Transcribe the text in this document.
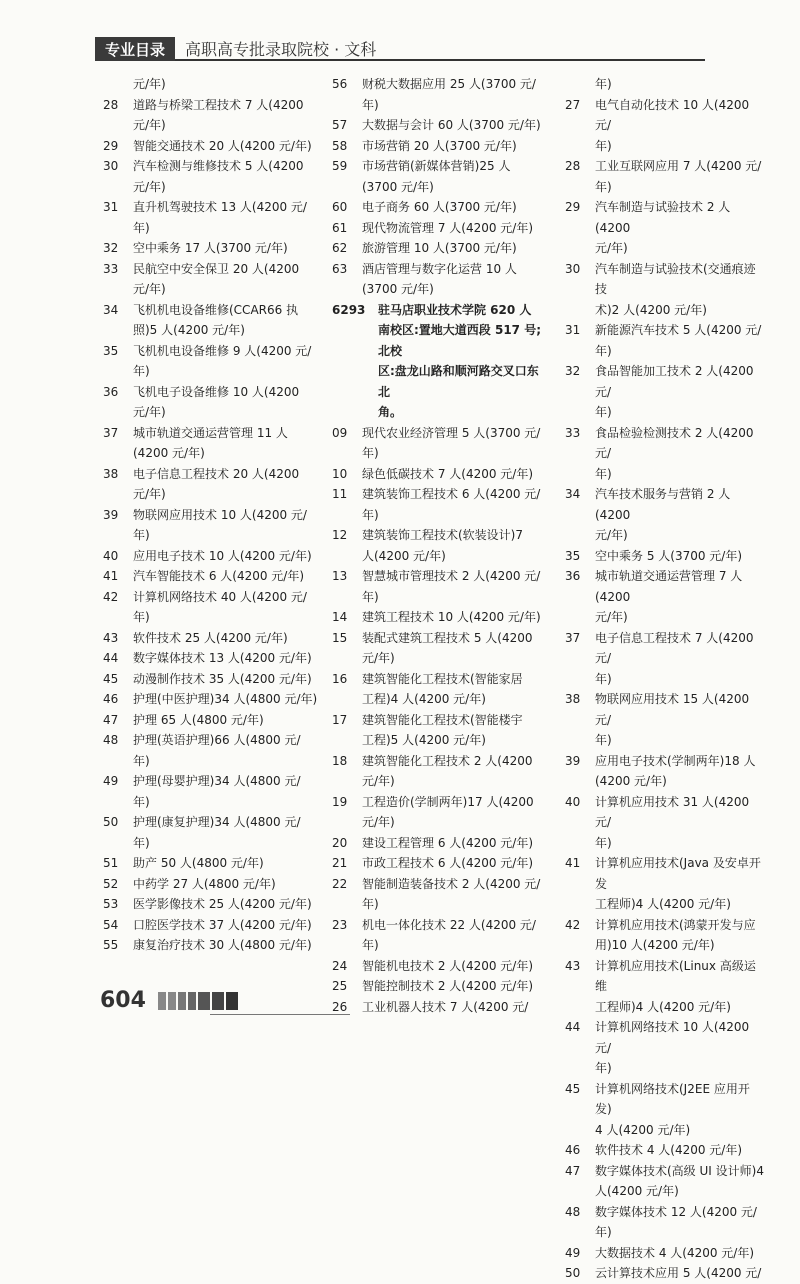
专业目录	高职高专批录取院校 · 文科
元/年)
28	道路与桥梁工程技术 7 人(4200
元/年)
29	智能交通技术 20 人(4200 元/年)
30	汽车检测与维修技术 5 人(4200
元/年)
31	直升机驾驶技术 13 人(4200 元/
年)
32	空中乘务 17 人(3700 元/年)
33	民航空中安全保卫 20 人(4200
元/年)
34	飞机机电设备维修(CCAR66 执
照)5 人(4200 元/年)
35	飞机机电设备维修 9 人(4200 元/
年)
36	飞机电子设备维修 10 人(4200
元/年)
37	城市轨道交通运营管理 11 人
(4200 元/年)
38	电子信息工程技术 20 人(4200
元/年)
39	物联网应用技术 10 人(4200 元/
年)
40	应用电子技术 10 人(4200 元/年)
41	汽车智能技术 6 人(4200 元/年)
42	计算机网络技术 40 人(4200 元/
年)
43	软件技术 25 人(4200 元/年)
44	数字媒体技术 13 人(4200 元/年)
45	动漫制作技术 35 人(4200 元/年)
46	护理(中医护理)34 人(4800 元/年)
47	护理 65 人(4800 元/年)
48	护理(英语护理)66 人(4800 元/
年)
49	护理(母婴护理)34 人(4800 元/
年)
50	护理(康复护理)34 人(4800 元/
年)
51	助产 50 人(4800 元/年)
52	中药学 27 人(4800 元/年)
53	医学影像技术 25 人(4200 元/年)
54	口腔医学技术 37 人(4200 元/年)
55	康复治疗技术 30 人(4800 元/年)
56	财税大数据应用 25 人(3700 元/
年)
57	大数据与会计 60 人(3700 元/年)
58	市场营销 20 人(3700 元/年)
59	市场营销(新媒体营销)25 人
(3700 元/年)
60	电子商务 60 人(3700 元/年)
61	现代物流管理 7 人(4200 元/年)
62	旅游管理 10 人(3700 元/年)
63	酒店管理与数字化运营 10 人
(3700 元/年)
6293	驻马店职业技术学院 620 人
南校区:置地大道西段 517 号;北校
区:盘龙山路和顺河路交叉口东北
角。
09	现代农业经济管理 5 人(3700 元/
年)
10	绿色低碳技术 7 人(4200 元/年)
11	建筑装饰工程技术 6 人(4200 元/
年)
12	建筑装饰工程技术(软装设计)7
人(4200 元/年)
13	智慧城市管理技术 2 人(4200 元/
年)
14	建筑工程技术 10 人(4200 元/年)
15	装配式建筑工程技术 5 人(4200
元/年)
16	建筑智能化工程技术(智能家居
工程)4 人(4200 元/年)
17	建筑智能化工程技术(智能楼宇
工程)5 人(4200 元/年)
18	建筑智能化工程技术 2 人(4200
元/年)
19	工程造价(学制两年)17 人(4200
元/年)
20	建设工程管理 6 人(4200 元/年)
21	市政工程技术 6 人(4200 元/年)
22	智能制造装备技术 2 人(4200 元/
年)
23	机电一体化技术 22 人(4200 元/
年)
24	智能机电技术 2 人(4200 元/年)
25	智能控制技术 2 人(4200 元/年)
26	工业机器人技术 7 人(4200 元/
年)
27	电气自动化技术 10 人(4200 元/
年)
28	工业互联网应用 7 人(4200 元/
年)
29	汽车制造与试验技术 2 人(4200
元/年)
30	汽车制造与试验技术(交通痕迹技
术)2 人(4200 元/年)
31	新能源汽车技术 5 人(4200 元/
年)
32	食品智能加工技术 2 人(4200 元/
年)
33	食品检验检测技术 2 人(4200 元/
年)
34	汽车技术服务与营销 2 人(4200
元/年)
35	空中乘务 5 人(3700 元/年)
36	城市轨道交通运营管理 7 人(4200
元/年)
37	电子信息工程技术 7 人(4200 元/
年)
38	物联网应用技术 15 人(4200 元/
年)
39	应用电子技术(学制两年)18 人
(4200 元/年)
40	计算机应用技术 31 人(4200 元/
年)
41	计算机应用技术(Java 及安卓开发
工程师)4 人(4200 元/年)
42	计算机应用技术(鸿蒙开发与应
用)10 人(4200 元/年)
43	计算机应用技术(Linux 高级运维
工程师)4 人(4200 元/年)
44	计算机网络技术 10 人(4200 元/
年)
45	计算机网络技术(J2EE 应用开发)
4 人(4200 元/年)
46	软件技术 4 人(4200 元/年)
47	数字媒体技术(高级 UI 设计师)4
人(4200 元/年)
48	数字媒体技术 12 人(4200 元/年)
49	大数据技术 4 人(4200 元/年)
50	云计算技术应用 5 人(4200 元/
604
